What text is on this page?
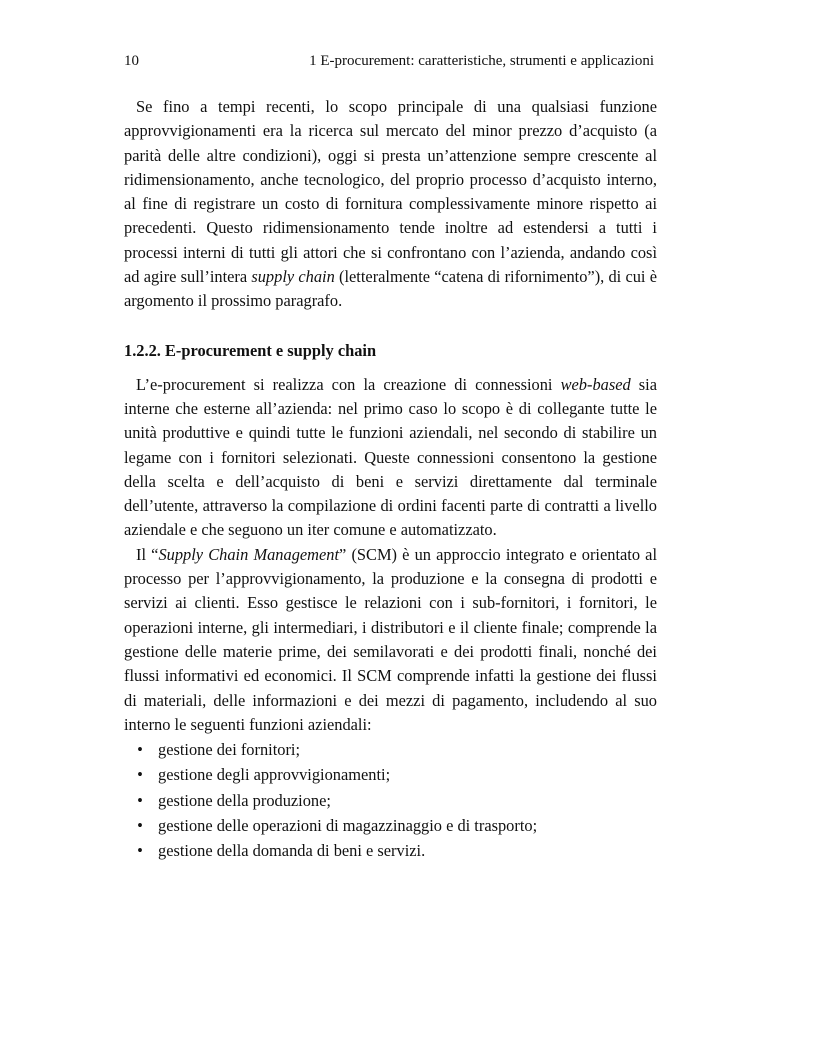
10	1 E-procurement: caratteristiche, strumenti e applicazioni

Se fino a tempi recenti, lo scopo principale di una qualsiasi funzione approvvigionamenti era la ricerca sul mercato del minor prezzo d’acquisto (a parità delle altre condizioni), oggi si presta un’attenzione sempre crescente al ridimensionamento, anche tecnologico, del proprio processo d’acquisto interno, al fine di registrare un costo di fornitura complessivamente minore rispetto ai precedenti. Questo ridimensionamento tende inoltre ad estendersi a tutti i processi interni di tutti gli attori che si confrontano con l’azienda, andando così ad agire sull’intera supply chain (letteralmente “catena di rifornimento”), di cui è argomento il prossimo paragrafo.

1.2.2. E-procurement e supply chain

L’e-procurement si realizza con la creazione di connessioni web-based sia interne che esterne all’azienda: nel primo caso lo scopo è di collegante tutte le unità produttive e quindi tutte le funzioni aziendali, nel secondo di stabilire un legame con i fornitori selezionati. Queste connessioni consentono la gestione della scelta e dell’acquisto di beni e servizi direttamente dal terminale dell’utente, attraverso la compilazione di ordini facenti parte di contratti a livello aziendale e che seguono un iter comune e automatizzato.

Il “Supply Chain Management” (SCM) è un approccio integrato e orientato al processo per l’approvvigionamento, la produzione e la consegna di prodotti e servizi ai clienti. Esso gestisce le relazioni con i sub-fornitori, i fornitori, le operazioni interne, gli intermediari, i distributori e il cliente finale; comprende la gestione delle materie prime, dei semilavorati e dei prodotti finali, nonché dei flussi informativi ed economici. Il SCM comprende infatti la gestione dei flussi di materiali, delle informazioni e dei mezzi di pagamento, includendo al suo interno le seguenti funzioni aziendali:

• gestione dei fornitori;
• gestione degli approvvigionamenti;
• gestione della produzione;
• gestione delle operazioni di magazzinaggio e di trasporto;
• gestione della domanda di beni e servizi.
